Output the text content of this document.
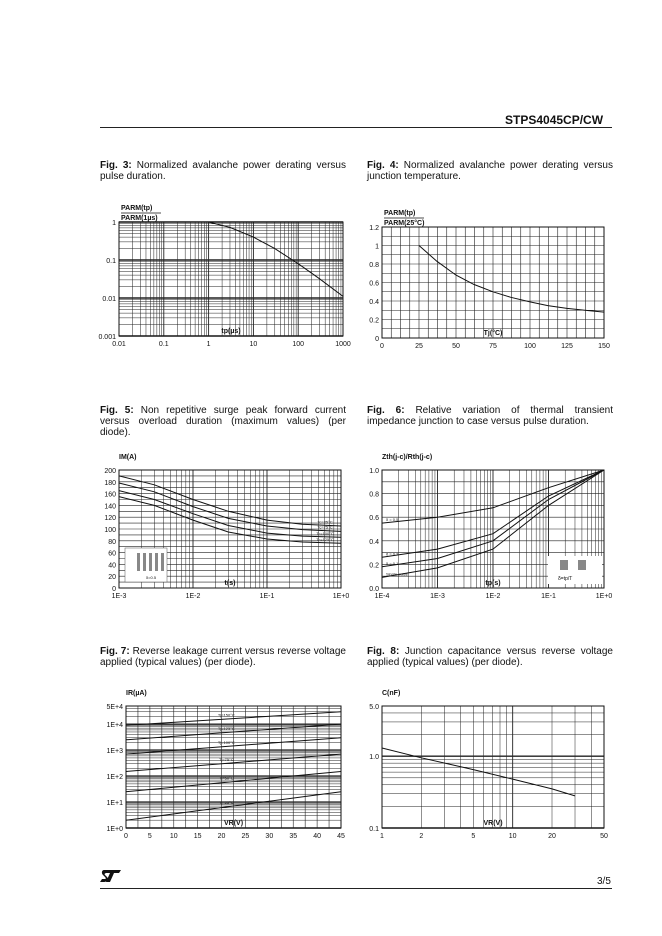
STPS4045CP/CW
Fig. 3: Normalized avalanche power derating versus pulse duration.
Fig. 4: Normalized avalanche power derating versus junction temperature.
Fig. 5: Non repetitive surge peak forward current versus overload duration (maximum values) (per diode).
Fig. 6: Relative variation of thermal transient impedance junction to case versus pulse duration.
Fig. 7: Reverse leakage current versus reverse voltage applied (typical values) (per diode).
Fig. 8: Junction capacitance versus reverse voltage applied (typical values) (per diode).
0.01	0.1	1	10	100	1000
0.001
0.01
0.1
1
PARM(tp)
PARM(1µs)
tp(µs)
0	25	50	75	100	125	150
0
0.2
0.4
0.6
0.8
1
1.2
PARM(tp)
PARM(25°C)
Tj(°C)
1E-3	1E-2	1E-1	1E+0
0
20
40
60
80
100
120
140
160
180
200
IM(A)
t(s)
Tc=25°C
Tc=75°C
Tc=100°C
Tc=125°C
δ=0.5
1E-4	1E-3	1E-2	1E-1	1E+0
0.0
0.2
0.4
0.6
0.8
1.0
Zth(j-c)/Rth(j-c)
tp(s)
δ = 0.5
δ = 0.2
δ = 0.1
Single pulse
δ=tp/T
0	5	10 15 20 25 30 35 40 45
1E+0
1E+1
1E+2
1E+3
1E+4
5E+4
IR(µA)
VR(V)
Tj=150°C
Tj=125°C
Tj=100°C
Tj=75°C
Tj=50°C
Tj=25°C
1	2	5	10	20	50
0.1
1.0
5.0
C(nF)
VR(V)
3/5
